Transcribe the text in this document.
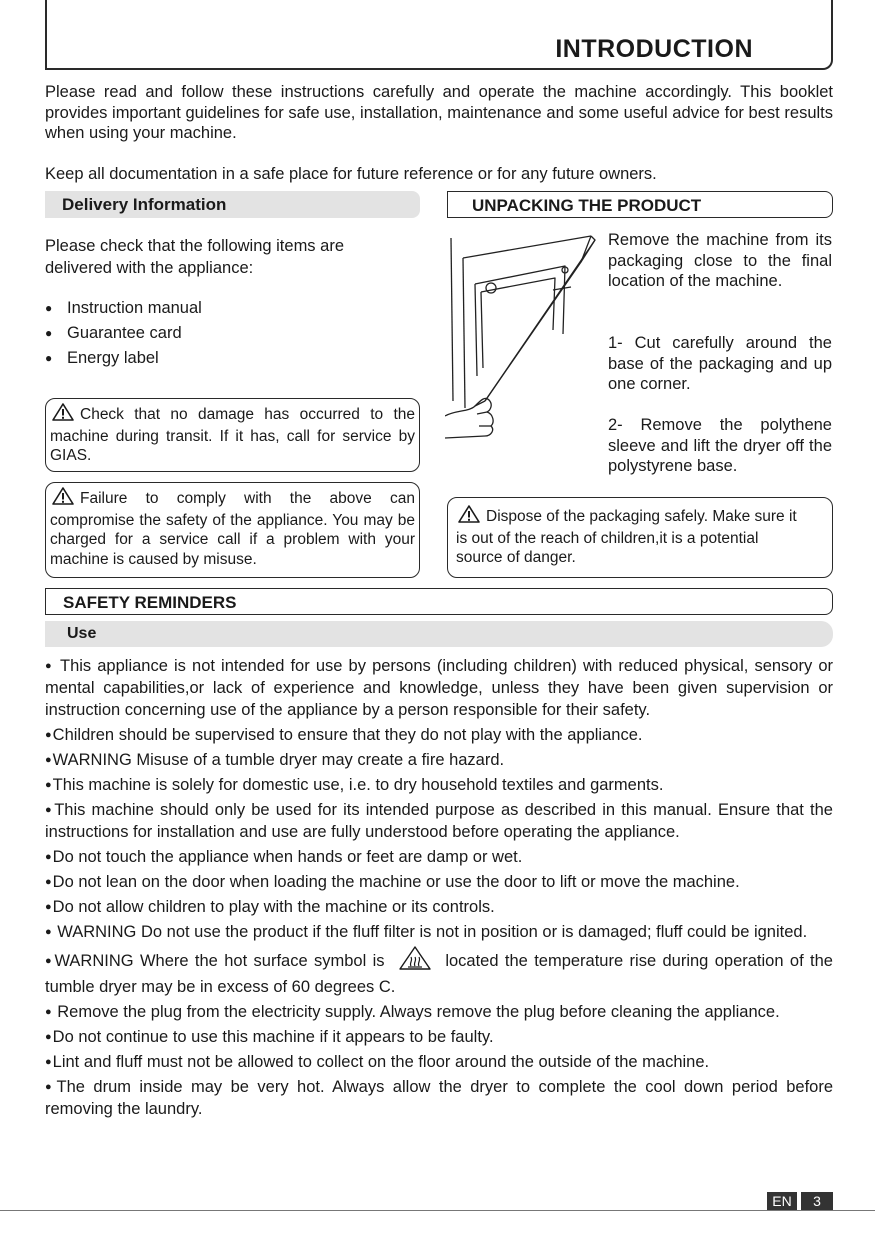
INTRODUCTION
Please read and follow these instructions carefully and operate the machine accordingly. This booklet provides important guidelines for safe use, installation, maintenance and some useful advice for best results when using your machine.
Keep all documentation in a safe place for future reference or for any future owners.
Delivery Information
Please check that the following items are delivered with the appliance:
● Instruction manual
● Guarantee card
● Energy label
Check that no damage has occurred to the machine during transit. If it has, call for service by GIAS.
Failure to comply with the above can compromise the safety of the appliance. You may be charged for a service call if a problem with your machine is caused by misuse.
UNPACKING THE PRODUCT
Remove the machine from its packaging close to the final location of the machine.
1- Cut carefully around the base of the packaging and up one corner.
2- Remove the polythene sleeve and lift the dryer off the polystyrene base.
Dispose of the packaging safely. Make sure it is out of the reach of children,it is a potential source of danger.
SAFETY REMINDERS
Use
● This appliance is not intended for use by persons (including children) with reduced physical, sensory or mental capabilities,or lack of experience and knowledge, unless they have been given supervision or instruction concerning use of the appliance by a person responsible for their safety.
●Children should be supervised to ensure that they do not play with the appliance.
●WARNING Misuse of a tumble dryer may create a fire hazard.
●This machine is solely for domestic use, i.e. to dry household textiles and garments.
●This machine should only be used for its intended purpose as described in this manual. Ensure that the instructions for installation and use are fully understood before operating the appliance.
●Do not touch the appliance when hands or feet are damp or wet.
●Do not lean on the door when loading the machine or use the door to lift or move the machine.
●Do not allow children to play with the machine or its controls.
● WARNING Do not use the product if the fluff filter is not in position or is damaged; fluff could be ignited.
●WARNING Where the hot surface symbol is	located the temperature rise during operation of the tumble dryer may be in excess of 60 degrees C.
● Remove the plug from the electricity supply. Always remove the plug before cleaning the appliance.
●Do not continue to use this machine if it appears to be faulty.
●Lint and fluff must not be allowed to collect on the floor around the outside of the machine.
●The drum inside may be very hot. Always allow the dryer to complete the cool down period before removing the laundry.
EN	3
